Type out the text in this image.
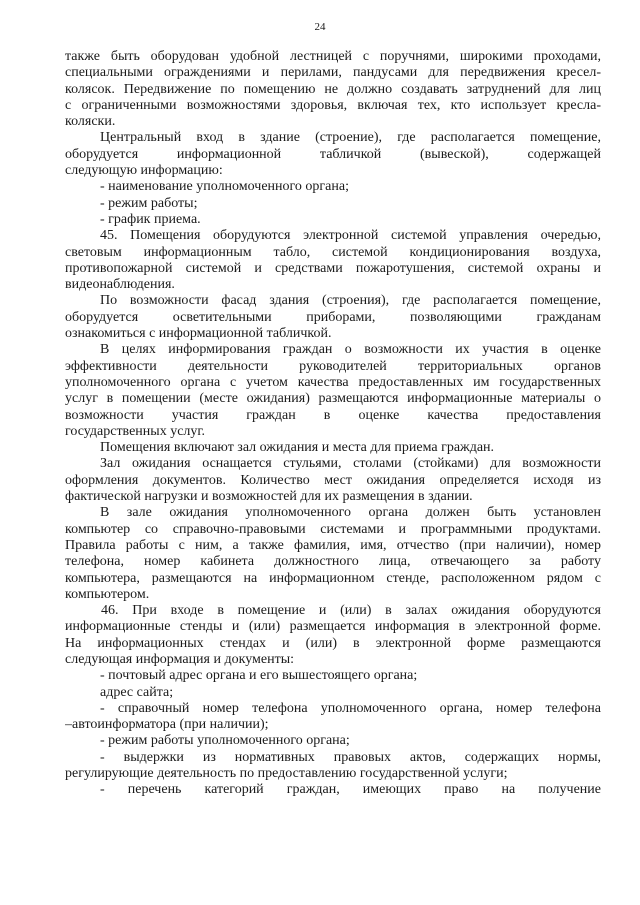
24
также быть оборудован удобной лестницей с поручнями, широкими проходами,
специальными ограждениями и перилами, пандусами для передвижения кресел-
колясок. Передвижение по помещению не должно создавать затруднений для лиц
с ограниченными возможностями здоровья, включая тех, кто использует кресла-
коляски.
Центральный вход в здание (строение), где располагается помещение,
оборудуется информационной табличкой (вывеской), содержащей
следующую информацию:
- наименование уполномоченного органа;
- режим работы;
- график приема.
45. Помещения оборудуются электронной системой управления очередью,
световым информационным табло, системой кондиционирования воздуха,
противопожарной системой и средствами пожаротушения, системой охраны и
видеонаблюдения.
По возможности фасад здания (строения), где располагается помещение,
оборудуется осветительными приборами, позволяющими гражданам
ознакомиться с информационной табличкой.
В целях информирования граждан о возможности их участия в оценке
эффективности деятельности руководителей территориальных органов
уполномоченного органа с учетом качества предоставленных им государственных
услуг в помещении (месте ожидания) размещаются информационные материалы о
возможности участия граждан в оценке качества предоставления
государственных услуг.
Помещения включают зал ожидания и места для приема граждан.
Зал ожидания оснащается стульями, столами (стойками) для возможности
оформления документов. Количество мест ожидания определяется исходя из
фактической нагрузки и возможностей для их размещения в здании.
В зале ожидания уполномоченного органа должен быть установлен
компьютер со справочно-правовыми системами и программными продуктами.
Правила работы с ним, а также фамилия, имя, отчество (при наличии), номер
телефона, номер кабинета должностного лица, отвечающего за работу
компьютера, размещаются на информационном стенде, расположенном рядом с
компьютером.
46. При входе в помещение и (или) в залах ожидания оборудуются
информационные стенды и (или) размещается информация в электронной форме.
На информационных стендах и (или) в электронной форме размещаются
следующая информация и документы:
- почтовый адрес органа и его вышестоящего органа;
адрес сайта;
- справочный номер телефона уполномоченного органа, номер телефона
–автоинформатора (при наличии);
- режим работы уполномоченного органа;
- выдержки из нормативных правовых актов, содержащих нормы,
регулирующие деятельность по предоставлению государственной услуги;
- перечень категорий граждан, имеющих право на получение
